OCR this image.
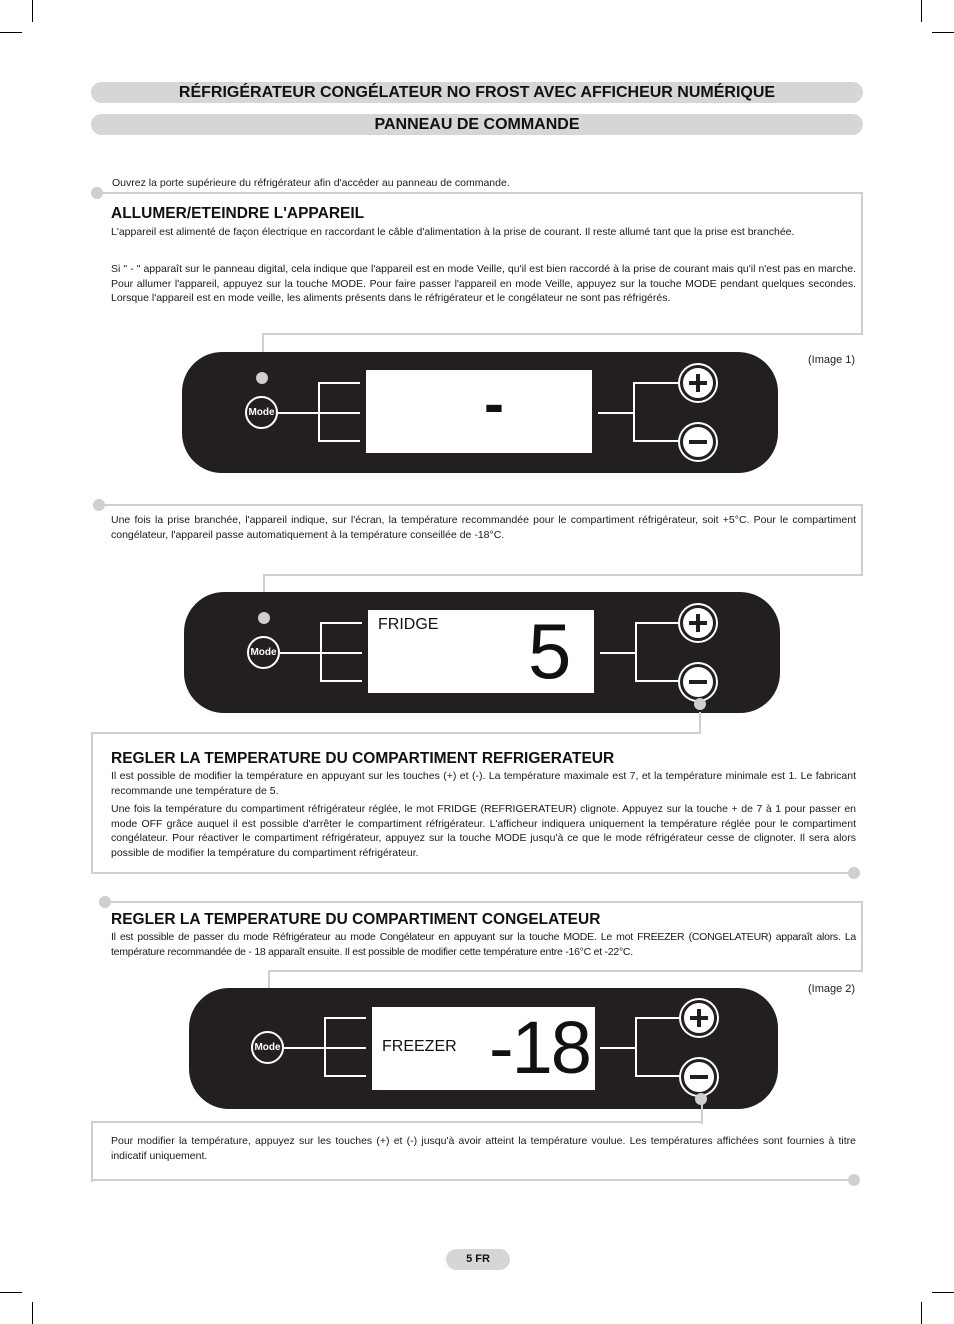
RÉFRIGÉRATEUR CONGÉLATEUR NO FROST AVEC AFFICHEUR NUMÉRIQUE
PANNEAU DE COMMANDE
Ouvrez la porte supérieure du réfrigérateur afin d'accéder au panneau de commande.
ALLUMER/ETEINDRE L'APPAREIL
L'appareil est alimenté de façon électrique en raccordant le câble d'alimentation à la prise de courant. Il reste allumé tant que la prise est branchée.
Si " - " apparaît sur le panneau digital, cela indique que l'appareil est en mode Veille, qu'il est bien raccordé à la prise de courant mais qu'il n'est pas en marche. Pour allumer l'appareil, appuyez sur la touche MODE. Pour faire passer l'appareil en mode Veille, appuyez sur la touche MODE pendant quelques secondes. Lorsque l'appareil est en mode veille, les aliments présents dans le réfrigérateur et le congélateur ne sont pas réfrigérés.
(Image 1)
Mode	-
Une fois la prise branchée, l'appareil indique, sur l'écran, la température recommandée pour le compartiment réfrigérateur, soit +5°C. Pour le compartiment congélateur, l'appareil passe automatiquement à la température conseillée de -18°C.
Mode
FRIDGE 5
REGLER LA TEMPERATURE DU COMPARTIMENT REFRIGERATEUR
Il est possible de modifier la température en appuyant sur les touches (+) et (-). La température maximale est 7, et la température minimale est 1. Le fabricant recommande une température de 5.
Une fois la température du compartiment réfrigérateur réglée, le mot FRIDGE (REFRIGERATEUR) clignote. Appuyez sur la touche + de 7 à 1 pour passer en mode OFF grâce auquel il est possible d'arrêter le compartiment réfrigérateur. L'afficheur indiquera uniquement la température réglée pour le compartiment congélateur. Pour réactiver le compartiment réfrigérateur, appuyez sur la touche MODE jusqu'à ce que le mode réfrigérateur cesse de clignoter. Il sera alors possible de modifier la température du compartiment réfrigérateur.
REGLER LA TEMPERATURE DU COMPARTIMENT CONGELATEUR
Il est possible de passer du mode Réfrigérateur au mode Congélateur en appuyant sur la touche MODE. Le mot FREEZER (CONGELATEUR) apparaît alors. La température recommandée de - 18 apparaît ensuite. Il est possible de modifier cette température entre -16°C et -22°C.
(Image 2)
Mode	FREEZER -18
Pour modifier la température, appuyez sur les touches (+) et (-) jusqu'à avoir atteint la température voulue. Les températures affichées sont fournies à titre indicatif uniquement.
5 FR
